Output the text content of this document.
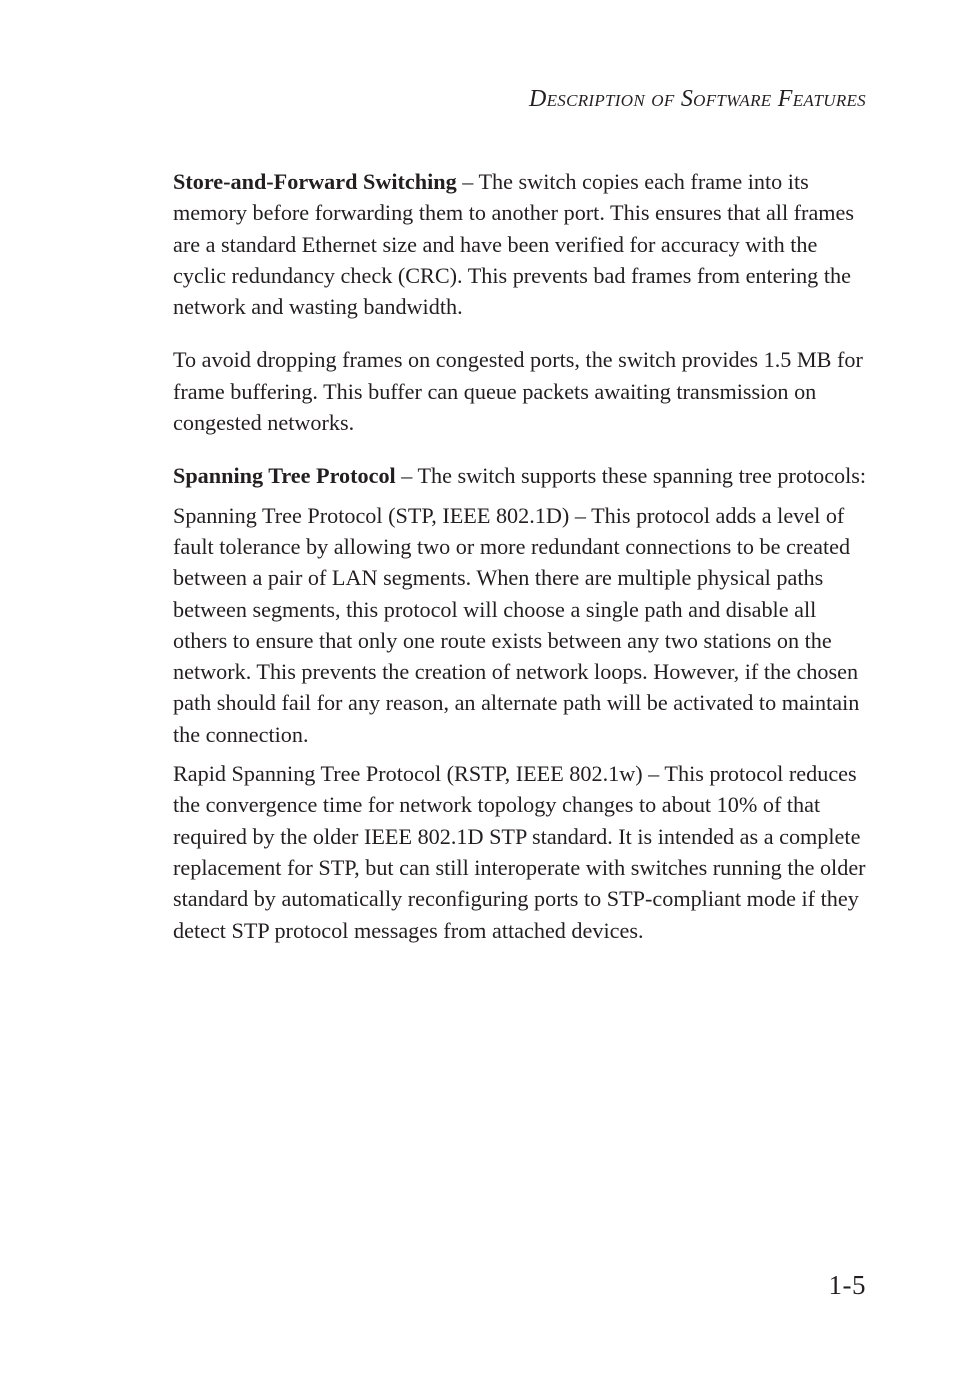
Description of Software Features

Store-and-Forward Switching – The switch copies each frame into its memory before forwarding them to another port. This ensures that all frames are a standard Ethernet size and have been verified for accuracy with the cyclic redundancy check (CRC). This prevents bad frames from entering the network and wasting bandwidth.

To avoid dropping frames on congested ports, the switch provides 1.5 MB for frame buffering. This buffer can queue packets awaiting transmission on congested networks.

Spanning Tree Protocol – The switch supports these spanning tree protocols:

Spanning Tree Protocol (STP, IEEE 802.1D) – This protocol adds a level of fault tolerance by allowing two or more redundant connections to be created between a pair of LAN segments. When there are multiple physical paths between segments, this protocol will choose a single path and disable all others to ensure that only one route exists between any two stations on the network. This prevents the creation of network loops. However, if the chosen path should fail for any reason, an alternate path will be activated to maintain the connection.

Rapid Spanning Tree Protocol (RSTP, IEEE 802.1w) – This protocol reduces the convergence time for network topology changes to about 10% of that required by the older IEEE 802.1D STP standard. It is intended as a complete replacement for STP, but can still interoperate with switches running the older standard by automatically reconfiguring ports to STP-compliant mode if they detect STP protocol messages from attached devices.

1-5
